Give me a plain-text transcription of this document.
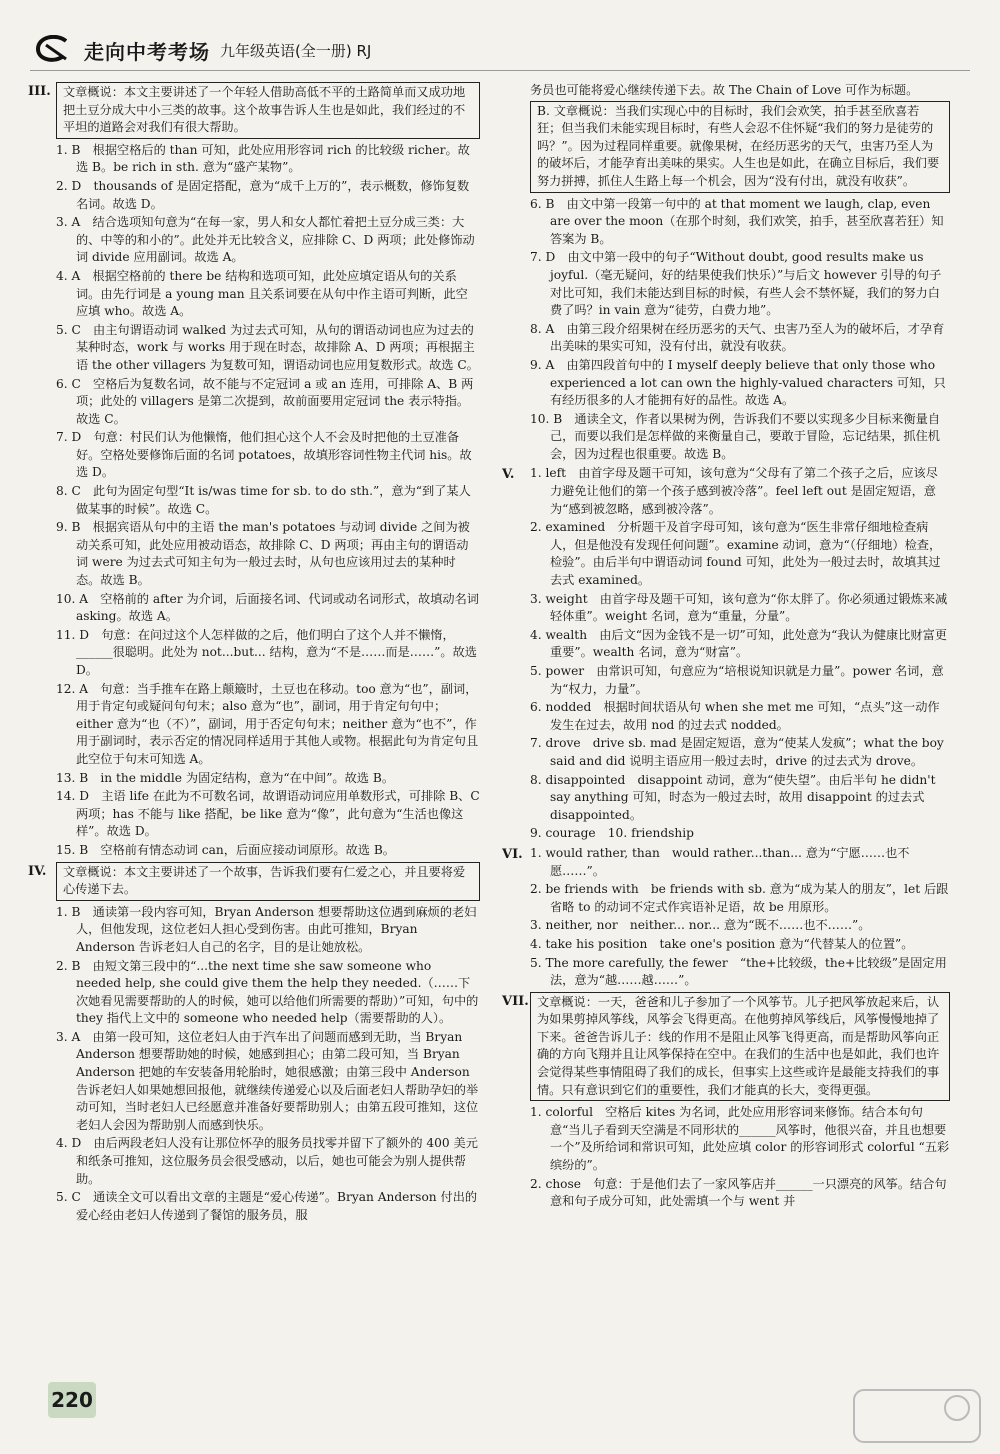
走向中考考场 九年级英语(全一册) RJ
III.	文章概说：本文主要讲述了一个年轻人借助高低不平的土路简单而又成功地把土豆分成大中小三类的故事。这个故事告诉人生也是如此，我们经过的不平坦的道路会对我们有很大帮助。
1. B　根据空格后的 than 可知，此处应用形容词 rich 的比较级 richer。故选 B。be rich in sth. 意为“盛产某物”。
2. D　thousands of 是固定搭配，意为“成千上万的”，表示概数，修饰复数名词。故选 D。
3. A　结合选项知句意为“在每一家，男人和女人都忙着把土豆分成三类：大的、中等的和小的”。此处并无比较含义，应排除 C、D 两项；此处修饰动词 divide 应用副词。故选 A。
4. A　根据空格前的 there be 结构和选项可知，此处应填定语从句的关系词。由先行词是 a young man 且关系词要在从句中作主语可判断，此空应填 who。故选 A。
5. C　由主句谓语动词 walked 为过去式可知，从句的谓语动词也应为过去的某种时态，work 与 works 用于现在时态，故排除 A、D 两项；再根据主语 the other villagers 为复数可知，谓语动词也应用复数形式。故选 C。
6. C　空格后为复数名词，故不能与不定冠词 a 或 an 连用，可排除 A、B 两项；此处的 villagers 是第二次提到，故前面要用定冠词 the 表示特指。故选 C。
7. D　句意：村民们认为他懒惰，他们担心这个人不会及时把他的土豆准备好。空格处要修饰后面的名词 potatoes，故填形容词性物主代词 his。故选 D。
8. C　此句为固定句型“It is/was time for sb. to do sth.”，意为“到了某人做某事的时候”。故选 C。
9. B　根据宾语从句中的主语 the man's potatoes 与动词 divide 之间为被动关系可知，此处应用被动语态，故排除 C、D 两项；再由主句的谓语动词 were 为过去式可知主句为一般过去时，从句也应该用过去的某种时态。故选 B。
10. A　空格前的 after 为介词，后面接名词、代词或动名词形式，故填动名词 asking。故选 A。
11. D　句意：在问过这个人怎样做的之后，他们明白了这个人并不懒惰，______很聪明。此处为 not...but... 结构，意为“不是……而是……”。故选 D。
12. A　句意：当手推车在路上颠簸时，土豆也在移动。too 意为“也”，副词，用于肯定句或疑问句句末；also 意为“也”，副词，用于肯定句句中；either 意为“也（不）”，副词，用于否定句句末；neither 意为“也不”，作用于副词时，表示否定的情况同样适用于其他人或物。根据此句为肯定句且此空位于句末可知选 A。
13. B　in the middle 为固定结构，意为“在中间”。故选 B。
14. D　主语 life 在此为不可数名词，故谓语动词应用单数形式，可排除 B、C 两项；has 不能与 like 搭配，be like 意为“像”，此句意为“生活也像这样”。故选 D。
15. B　空格前有情态动词 can，后面应接动词原形。故选 B。
IV.	文章概说：本文主要讲述了一个故事，告诉我们要有仁爱之心，并且要将爱心传递下去。
1. B　通读第一段内容可知，Bryan Anderson 想要帮助这位遇到麻烦的老妇人，但他发现，这位老妇人担心受到伤害。由此可推知，Bryan Anderson 告诉老妇人自己的名字，目的是让她放松。
2. B　由短文第三段中的“...the next time she saw someone who needed help, she could give them the help they needed.（……下次她看见需要帮助的人的时候，她可以给他们所需要的帮助）”可知，句中的 they 指代上文中的 someone who needed help（需要帮助的人）。
3. A　由第一段可知，这位老妇人由于汽车出了问题而感到无助，当 Bryan Anderson 想要帮助她的时候，她感到担心；由第二段可知，当 Bryan Anderson 把她的车安装备用轮胎时，她很感激；由第三段中 Anderson 告诉老妇人如果她想回报他，就继续传递爱心以及后面老妇人帮助孕妇的举动可知，当时老妇人已经愿意并准备好要帮助别人；由第五段可推知，这位老妇人会因为帮助别人而感到快乐。
4. D　由后两段老妇人没有让那位怀孕的服务员找零并留下了额外的 400 美元和纸条可推知，这位服务员会很受感动，以后，她也可能会为别人提供帮助。
5. C　通读全文可以看出文章的主题是“爱心传递”。Bryan Anderson 付出的爱心经由老妇人传递到了餐馆的服务员，服
务员也可能将爱心继续传递下去。故 The Chain of Love 可作为标题。
B. 文章概说：当我们实现心中的目标时，我们会欢笑，拍手甚至欣喜若狂；但当我们未能实现目标时，有些人会忍不住怀疑“我们的努力是徒劳的吗？”。因为过程同样重要。就像果树，在经历恶劣的天气，虫害乃至人为的破坏后，才能孕育出美味的果实。人生也是如此，在确立目标后，我们要努力拼搏，抓住人生路上每一个机会，因为“没有付出，就没有收获”。
6. B　由文中第一段第一句中的 at that moment we laugh, clap, even are over the moon（在那个时刻，我们欢笑，拍手，甚至欣喜若狂）知答案为 B。
7. D　由文中第一段中的句子“Without doubt, good results make us joyful.（毫无疑问，好的结果使我们快乐）”与后文 however 引导的句子对比可知，我们未能达到目标的时候，有些人会不禁怀疑，我们的努力白费了吗？in vain 意为“徒劳，白费力地”。
8. A　由第三段介绍果树在经历恶劣的天气、虫害乃至人为的破坏后，才孕育出美味的果实可知，没有付出，就没有收获。
9. A　由第四段首句中的 I myself deeply believe that only those who experienced a lot can own the highly-valued characters 可知，只有经历很多的人才能拥有好的品性。故选 A。
10. B　通读全文，作者以果树为例，告诉我们不要以实现多少目标来衡量自己，而要以我们是怎样做的来衡量自己，要敢于冒险，忘记结果，抓住机会，因为过程也很重要。故选 B。
V. 1. left　由首字母及题干可知，该句意为“父母有了第二个孩子之后，应该尽力避免让他们的第一个孩子感到被冷落”。feel left out 是固定短语，意为“感到被忽略，感到被冷落”。
2. examined　分析题干及首字母可知，该句意为“医生非常仔细地检查病人，但是他没有发现任何问题”。examine 动词，意为“（仔细地）检查，检验”。由后半句中谓语动词 found 可知，此处为一般过去时，故填其过去式 examined。
3. weight　由首字母及题干可知，该句意为“你太胖了。你必须通过锻炼来减轻体重”。weight 名词，意为“重量，分量”。
4. wealth　由后文“因为金钱不是一切”可知，此处意为“我认为健康比财富更重要”。wealth 名词，意为“财富”。
5. power　由常识可知，句意应为“培根说知识就是力量”。power 名词，意为“权力，力量”。
6. nodded　根据时间状语从句 when she met me 可知，“点头”这一动作发生在过去，故用 nod 的过去式 nodded。
7. drove　drive sb. mad 是固定短语，意为“使某人发疯”；what the boy said and did 说明主语应用一般过去时，drive 的过去式为 drove。
8. disappointed　disappoint 动词，意为“使失望”。由后半句 he didn't say anything 可知，时态为一般过去时，故用 disappoint 的过去式 disappointed。
9. courage　10. friendship
VI. 1. would rather, than　would rather...than... 意为“宁愿……也不愿……”。
2. be friends with　be friends with sb. 意为“成为某人的朋友”，let 后跟省略 to 的动词不定式作宾语补足语，故 be 用原形。
3. neither, nor　neither... nor... 意为“既不……也不……”。
4. take his position　take one's position 意为“代替某人的位置”。
5. The more carefully, the fewer　“the+比较级，the+比较级”是固定用法，意为“越……越……”。
VII. 文章概说：一天，爸爸和儿子参加了一个风筝节。儿子把风筝放起来后，认为如果剪掉风筝线，风筝会飞得更高。在他剪掉风筝线后，风筝慢慢地掉了下来。爸爸告诉儿子：线的作用不是阻止风筝飞得更高，而是帮助风筝向正确的方向飞翔并且让风筝保持在空中。在我们的生活中也是如此，我们也许会觉得某些事情阻碍了我们的成长，但事实上这些或许是最能支持我们的事情。只有意识到它们的重要性，我们才能真的长大，变得更强。
1. colorful　空格后 kites 为名词，此处应用形容词来修饰。结合本句句意“当儿子看到天空满是不同形状的______风筝时，他很兴奋，并且也想要一个”及所给词和常识可知，此处应填 color 的形容词形式 colorful “五彩缤纷的”。
2. chose　句意：于是他们去了一家风筝店并______一只漂亮的风筝。结合句意和句子成分可知，此处需填一个与 went 并
220
